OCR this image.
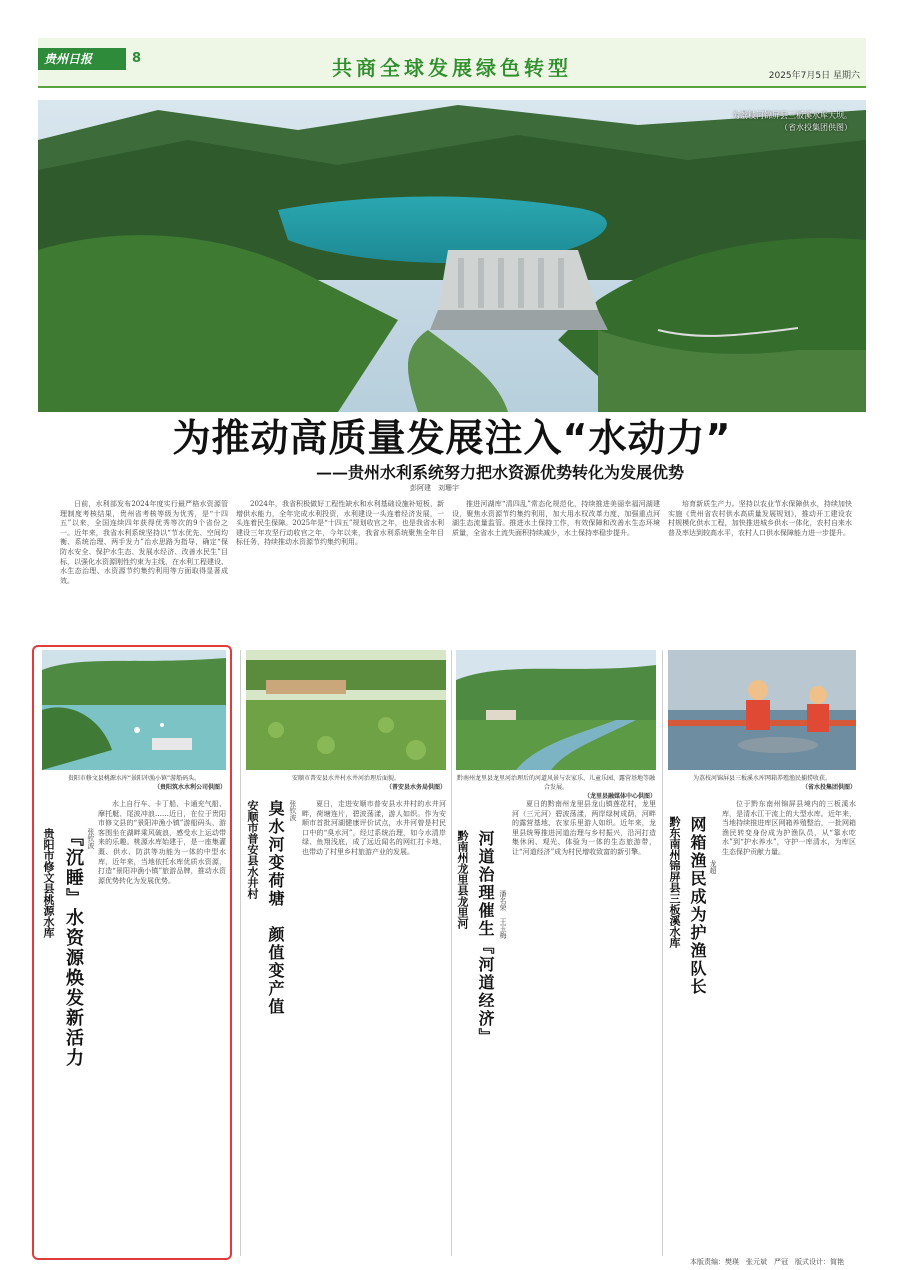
贵州日报	8	共商全球发展绿色转型	2025年7月5日 星期六
为荔枝河锦屏县三板溪水库大坝。
（省水投集团供图）
为推动高质量发展注入“水动力”
——贵州水利系统努力把水资源优势转化为发展优势
彭阿建　刘珊宇

日前，水利部发布2024年度实行最严格水资源管理制度考核结果，贵州省考核等级为优秀，是“十四五”以来，全国连续四年获得优秀等次的9个省份之一。近年来，我省水利系统坚持以“节水优先、空间均衡、系统治理、两手发力”治水思路为指导，确定“保防水安全、保护水生态、发展水经济、改善水民生”目标，以强化水资源刚性约束为主线，在水利工程建设、水生态治理、水资源节约集约利用等方面取得显著成效。

2024年，我省积极做好工程性缺水和水利基础设施补短板，新增供水能力，全年完成水利投资，水利建设一头连着经济发展，一头连着民生保障。2025年是“十四五”规划收官之年，也是我省水利建设三年攻坚行动收官之年，今年以来，我省水利系统聚焦全年目标任务，持续推动水资源节约集约利用。

推进河湖库“清四乱”常态化规范化，持续推进美丽幸福河湖建设，聚焦水资源节约集约利用，加大用水权改革力度，加强重点河湖生态流量监管。推进水土保持工作，有效保障和改善水生态环境质量，全省水土流失面积持续减少，水土保持率稳步提升。

培育新质生产力。坚持以农业节水保障供水，持续加快实施《贵州省农村供水高质量发展规划》，推动开工建设农村规模化供水工程，加快推进城乡供水一体化，农村自来水普及率达到较高水平，农村人口供水保障能力进一步提升。

贵阳市修文县桃源水库“景阳冲漁小镇”游船码头。
（贵阳筑水水利公司供图）
贵阳市修文县桃源水库 『沉睡』水资源焕发新活力 张钦波

水上自行车、卡丁船、卡通充气船、摩托艇、尾波冲浪……近日，在位于贵阳市修文县的“景阳冲漁小镇”游船码头，游客围坐在湖畔乘风破浪，感受水上运动带来的乐趣。桃源水库始建于，是一座集灌溉、供水、防洪等功能为一体的中型水库，近年来，当地依托水库优质水资源，打造“景阳冲漁小镇”旅游品牌，推动水资源优势转化为发展优势。

安顺市普安县水井村水井河治理后面貌。
（普安县水务局供图）
安顺市普安县水井村 臭水河变荷塘　颜值变产值 张钦波	夏日，走进安顺市普安县水井村的水井河畔，荷塘连片，碧波荡漾，游人如织。作为安顺市首批河湖健康评价试点，水井河曾是村民口中的“臭水河”，经过系统治理，如今水清岸绿、鱼翔浅底，成了远近闻名的网红打卡地，也带动了村里乡村旅游产业的发展。

黔南州龙里县龙里河治理后的河道风景与农家乐、儿童乐园、露营基地等融合发展。
（龙里县融媒体中心供图）
黔南州龙里县龙里河 河道治理催生『河道经济』 潘名荣　王玉梅

夏日的黔南州龙里县龙山镇莲花村，龙里河（三元河）碧波荡漾，两岸绿树成荫，河畔的露营基地、农家乐里游人如织。近年来，龙里县统筹推进河道治理与乡村振兴，沿河打造集休闲、观光、体验为一体的生态旅游带，让“河道经济”成为村民增收致富的新引擎。

为荔枝河锦屏县三板溪水库网箱养殖渔民捕捞收获。
（省水投集团供图）
黔东南州锦屏县三板溪水库 网箱渔民成为护渔队长 龙超

位于黔东南州锦屏县境内的三板溪水库，是清水江干流上的大型水库。近年来，当地持续推进库区网箱养殖整治，一批网箱渔民转变身份成为护渔队员，从“靠水吃水”到“护水养水”，守护一库清水，为库区生态保护贡献力量。

本版责编：樊瑛　张元斌　严冠　版式设计：简艳
